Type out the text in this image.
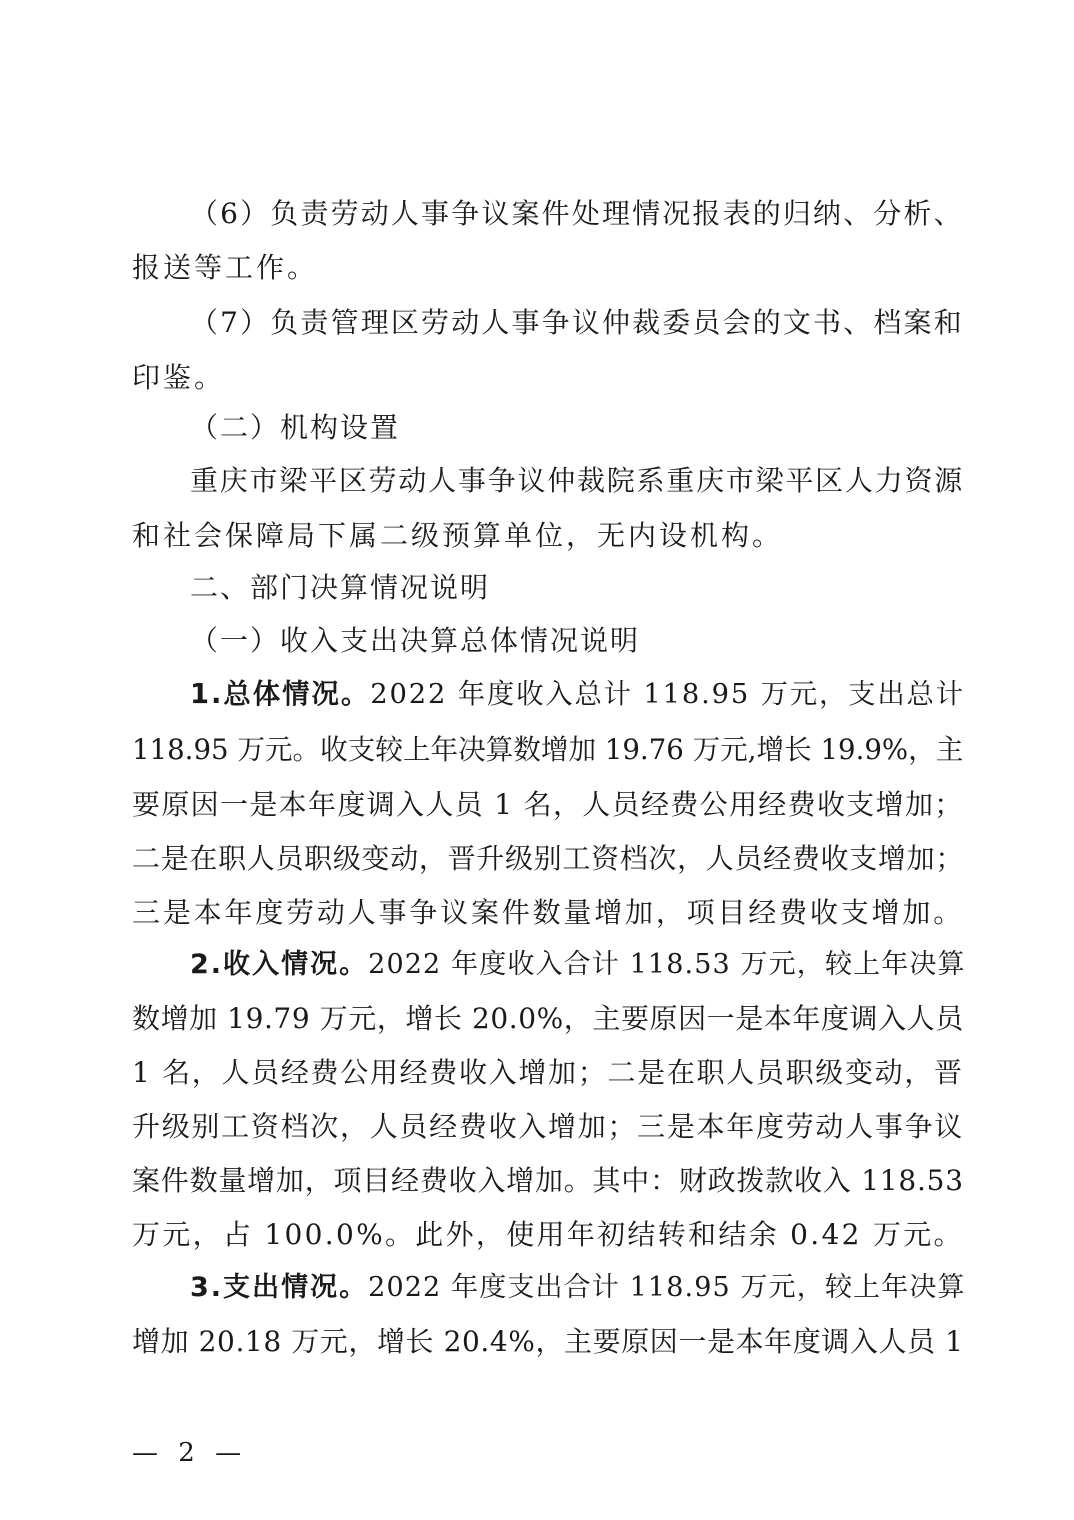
（6）负责劳动人事争议案件处理情况报表的归纳、分析、
报送等工作。
（7）负责管理区劳动人事争议仲裁委员会的文书、档案和
印鉴。
（二）机构设置
重庆市梁平区劳动人事争议仲裁院系重庆市梁平区人力资源
和社会保障局下属二级预算单位，无内设机构。
二、部门决算情况说明
（一）收入支出决算总体情况说明
1.总体情况。2022 年度收入总计 118.95 万元，支出总计
118.95 万元。收支较上年决算数增加 19.76 万元,增长 19.9%，主
要原因一是本年度调入人员 1 名，人员经费公用经费收支增加；
二是在职人员职级变动，晋升级别工资档次，人员经费收支增加；
三是本年度劳动人事争议案件数量增加，项目经费收支增加。
2.收入情况。2022 年度收入合计 118.53 万元，较上年决算
数增加 19.79 万元，增长 20.0%，主要原因一是本年度调入人员
1 名，人员经费公用经费收入增加；二是在职人员职级变动，晋
升级别工资档次，人员经费收入增加；三是本年度劳动人事争议
案件数量增加，项目经费收入增加。其中：财政拨款收入 118.53
万元，占 100.0%。此外，使用年初结转和结余 0.42 万元。
3.支出情况。2022 年度支出合计 118.95 万元，较上年决算
增加 20.18 万元，增长 20.4%，主要原因一是本年度调入人员 1
— 2 —
